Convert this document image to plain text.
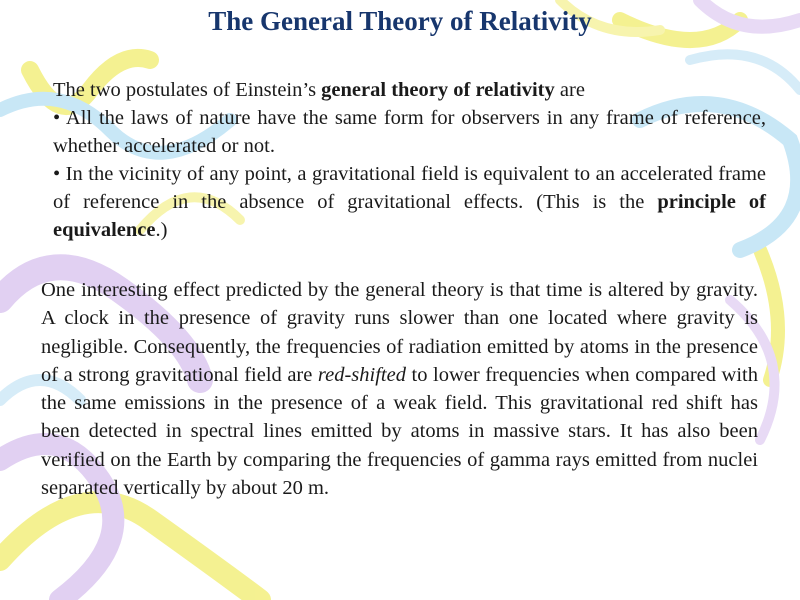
The General Theory of Relativity

The two postulates of Einstein’s general theory of relativity are

• All the laws of nature have the same form for observers in any frame of reference, whether accelerated or not.

• In the vicinity of any point, a gravitational field is equivalent to an accelerated frame of reference in the absence of gravitational effects. (This is the principle of equivalence.)

One interesting effect predicted by the general theory is that time is altered by gravity. A clock in the presence of gravity runs slower than one located where gravity is negligible. Consequently, the frequencies of radiation emitted by atoms in the presence of a strong gravitational field are red-shifted to lower frequencies when compared with the same emissions in the presence of a weak field. This gravitational red shift has been detected in spectral lines emitted by atoms in massive stars. It has also been verified on the Earth by comparing the frequencies of gamma rays emitted from nuclei separated vertically by about 20 m.
